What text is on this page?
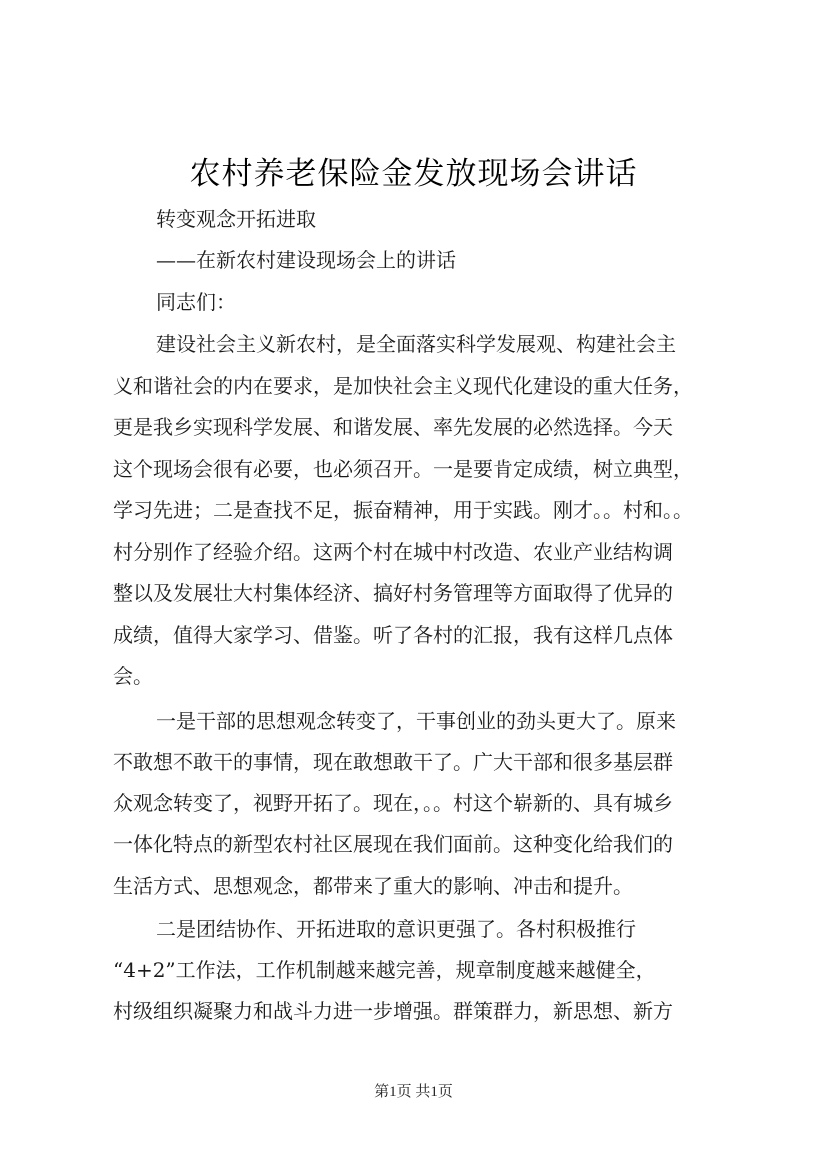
农村养老保险金发放现场会讲话
转变观念开拓进取
——在新农村建设现场会上的讲话
同志们：
建设社会主义新农村，是全面落实科学发展观、构建社会主
义和谐社会的内在要求，是加快社会主义现代化建设的重大任务，
更是我乡实现科学发展、和谐发展、率先发展的必然选择。今天
这个现场会很有必要，也必须召开。一是要肯定成绩，树立典型，
学习先进；二是查找不足，振奋精神，用于实践。刚才。。村和。。
村分别作了经验介绍。这两个村在城中村改造、农业产业结构调
整以及发展壮大村集体经济、搞好村务管理等方面取得了优异的
成绩，值得大家学习、借鉴。听了各村的汇报，我有这样几点体
会。
一是干部的思想观念转变了，干事创业的劲头更大了。原来
不敢想不敢干的事情，现在敢想敢干了。广大干部和很多基层群
众观念转变了，视野开拓了。现在，。。村这个崭新的、具有城乡
一体化特点的新型农村社区展现在我们面前。这种变化给我们的
生活方式、思想观念，都带来了重大的影响、冲击和提升。
二是团结协作、开拓进取的意识更强了。各村积极推行
“4+2”工作法，工作机制越来越完善，规章制度越来越健全，
村级组织凝聚力和战斗力进一步增强。群策群力，新思想、新方
第1页 共1页
